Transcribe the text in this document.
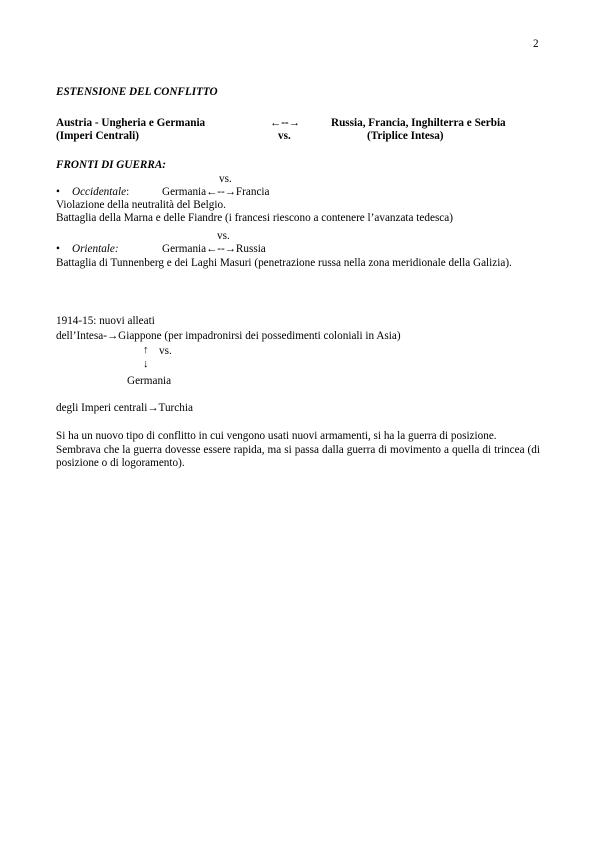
2
ESTENSIONE DEL CONFLITTO
Austria - Ungheria e Germania	←--→	Russia, Francia, Inghilterra e Serbia
(Imperi Centrali)	vs.	(Triplice Intesa)
FRONTI DI GUERRA:
vs.
• Occidentale:	Germania←--→Francia
Violazione della neutralità del Belgio.
Battaglia della Marna e delle Fiandre (i francesi riescono a contenere l’avanzata tedesca)
vs.
• Orientale:	Germania←--→Russia
Battaglia di Tunnenberg e dei Laghi Masuri (penetrazione russa nella zona meridionale della Galizia).
1914-15: nuovi alleati
dell’Intesa-→Giappone (per impadronirsi dei possedimenti coloniali in Asia)
↑ vs.
↓
Germania
degli Imperi centrali→Turchia
Si ha un nuovo tipo di conflitto in cui vengono usati nuovi armamenti, si ha la guerra di posizione.
Sembrava che la guerra dovesse essere rapida, ma si passa dalla guerra di movimento a quella di trincea (di posizione o di logoramento).
